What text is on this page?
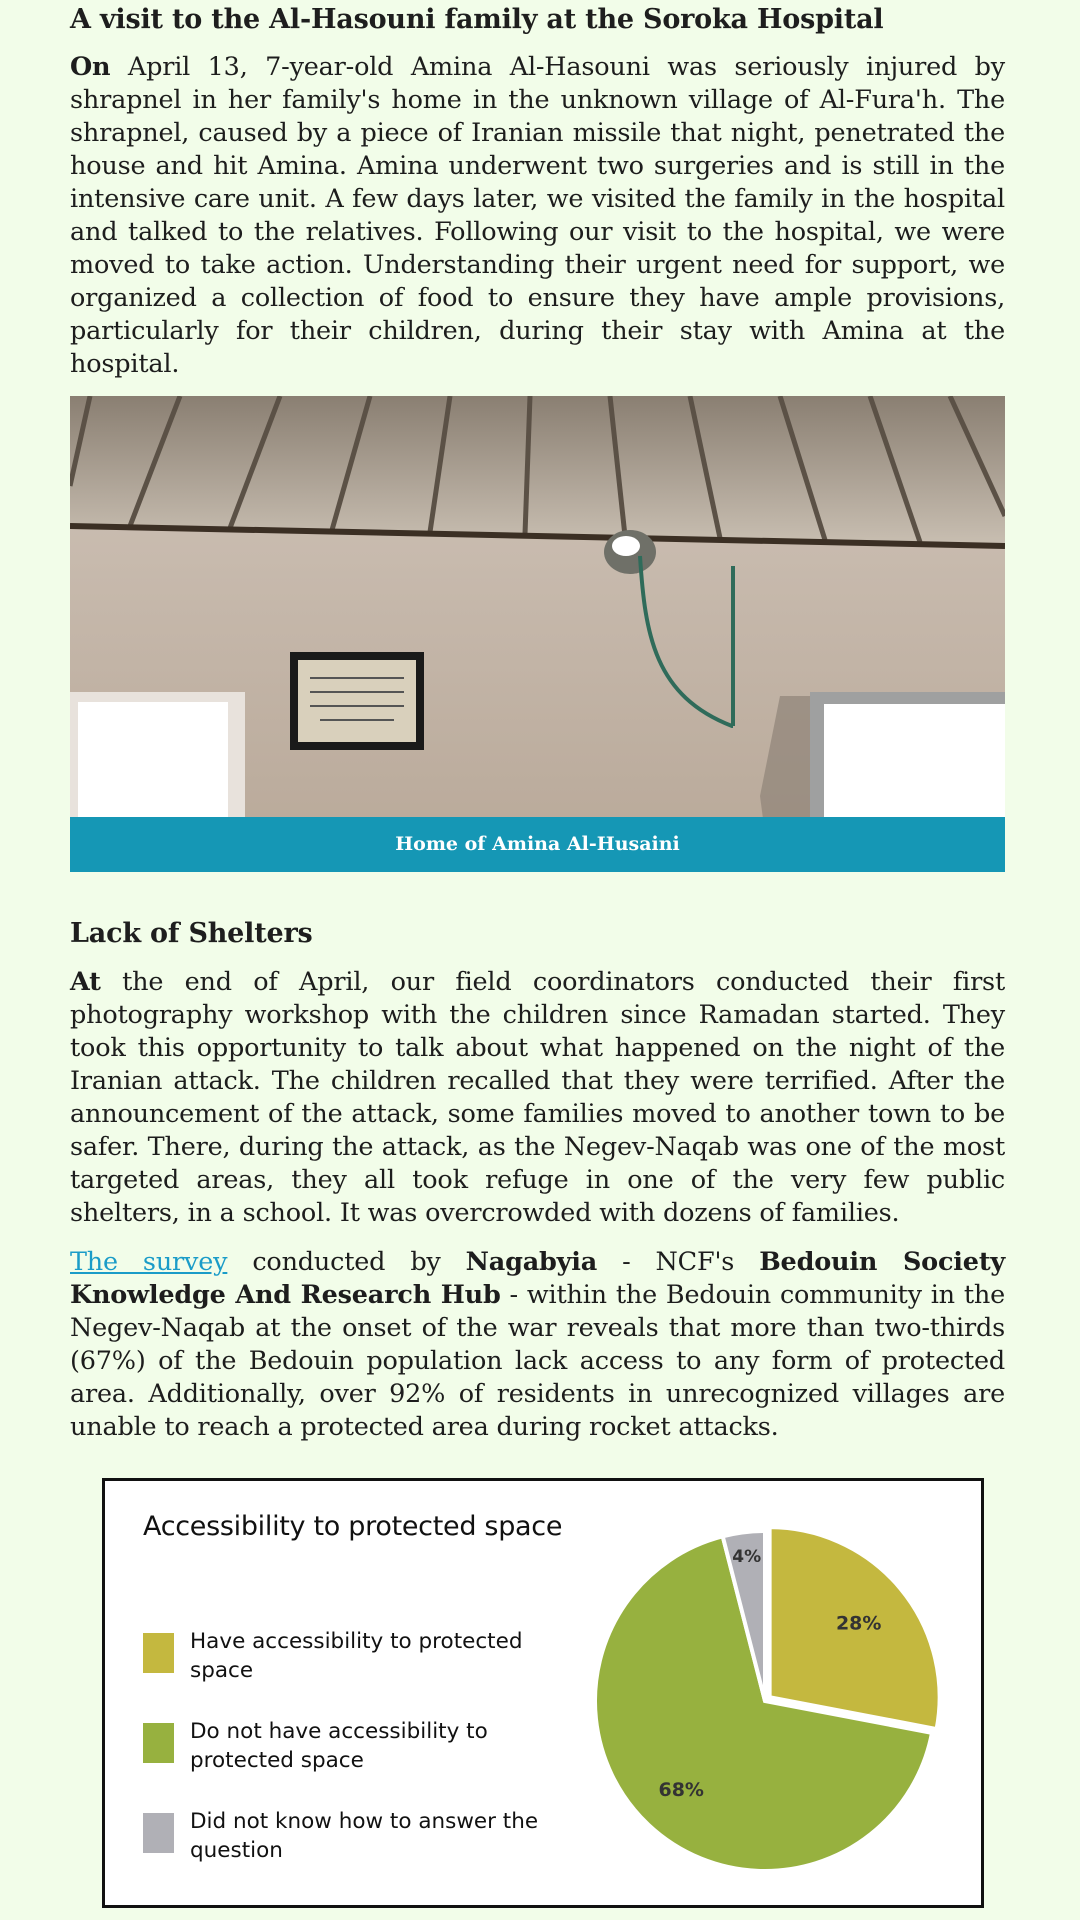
A visit to the Al-Hasouni family at the Soroka Hospital

On April 13, 7-year-old Amina Al-Hasouni was seriously injured by shrapnel in her family's home in the unknown village of Al-Fura'h. The shrapnel, caused by a piece of Iranian missile that night, penetrated the house and hit Amina. Amina underwent two surgeries and is still in the intensive care unit. A few days later, we visited the family in the hospital and talked to the relatives. Following our visit to the hospital, we were moved to take action. Understanding their urgent need for support, we organized a collection of food to ensure they have ample provisions, particularly for their children, during their stay with Amina at the hospital.

Home of Amina Al-Husaini
Lack of Shelters

At the end of April, our field coordinators conducted their first photography workshop with the children since Ramadan started. They took this opportunity to talk about what happened on the night of the Iranian attack. The children recalled that they were terrified. After the announcement of the attack, some families moved to another town to be safer. There, during the attack, as the Negev-Naqab was one of the most targeted areas, they all took refuge in one of the very few public shelters, in a school. It was overcrowded with dozens of families.

The survey conducted by Nagabyia - NCF's Bedouin Society Knowledge And Research Hub - within the Bedouin community in the Negev-Naqab at the onset of the war reveals that more than two-thirds (67%) of the Bedouin population lack access to any form of protected area. Additionally, over 92% of residents in unrecognized villages are unable to reach a protected area during rocket attacks.

Accessibility to protected space
Have accessibility to protected space
Do not have accessibility to protected space
Did not know how to answer the question
28%
68%
4%
